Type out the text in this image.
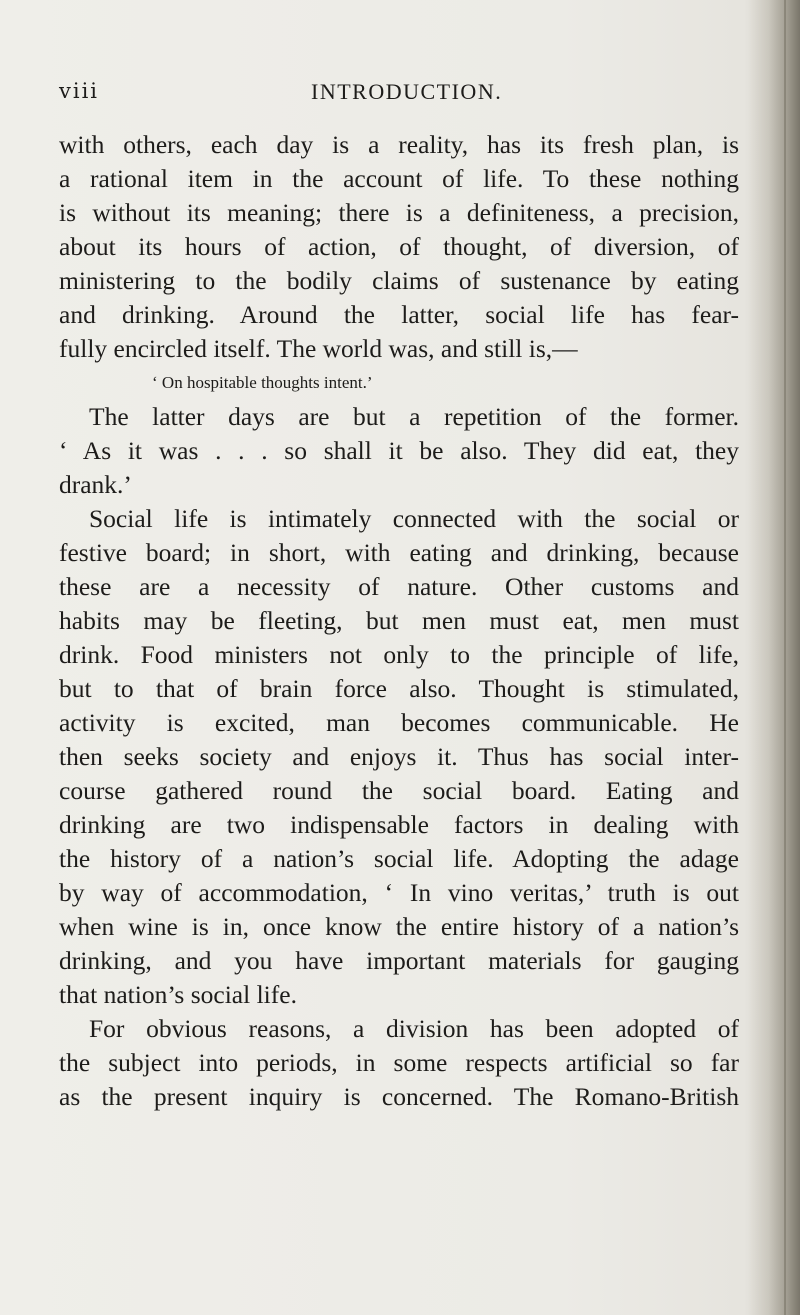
viii	INTRODUCTION.
with others, each day is a reality, has its fresh plan, is
a rational item in the account of life. To these nothing
is without its meaning; there is a definiteness, a precision,
about its hours of action, of thought, of diversion, of
ministering to the bodily claims of sustenance by eating
and drinking. Around the latter, social life has fear-
fully encircled itself. The world was, and still is,—
‘ On hospitable thoughts intent.’
The latter days are but a repetition of the former.
‘ As it was . . . so shall it be also. They did eat, they
drank.’
Social life is intimately connected with the social or
festive board; in short, with eating and drinking, because
these are a necessity of nature. Other customs and
habits may be fleeting, but men must eat, men must
drink. Food ministers not only to the principle of life,
but to that of brain force also. Thought is stimulated,
activity is excited, man becomes communicable. He
then seeks society and enjoys it. Thus has social inter-
course gathered round the social board. Eating and
drinking are two indispensable factors in dealing with
the history of a nation’s social life. Adopting the adage
by way of accommodation, ‘ In vino veritas,’ truth is out
when wine is in, once know the entire history of a nation’s
drinking, and you have important materials for gauging
that nation’s social life.
For obvious reasons, a division has been adopted of
the subject into periods, in some respects artificial so far
as the present inquiry is concerned. The Romano-British
